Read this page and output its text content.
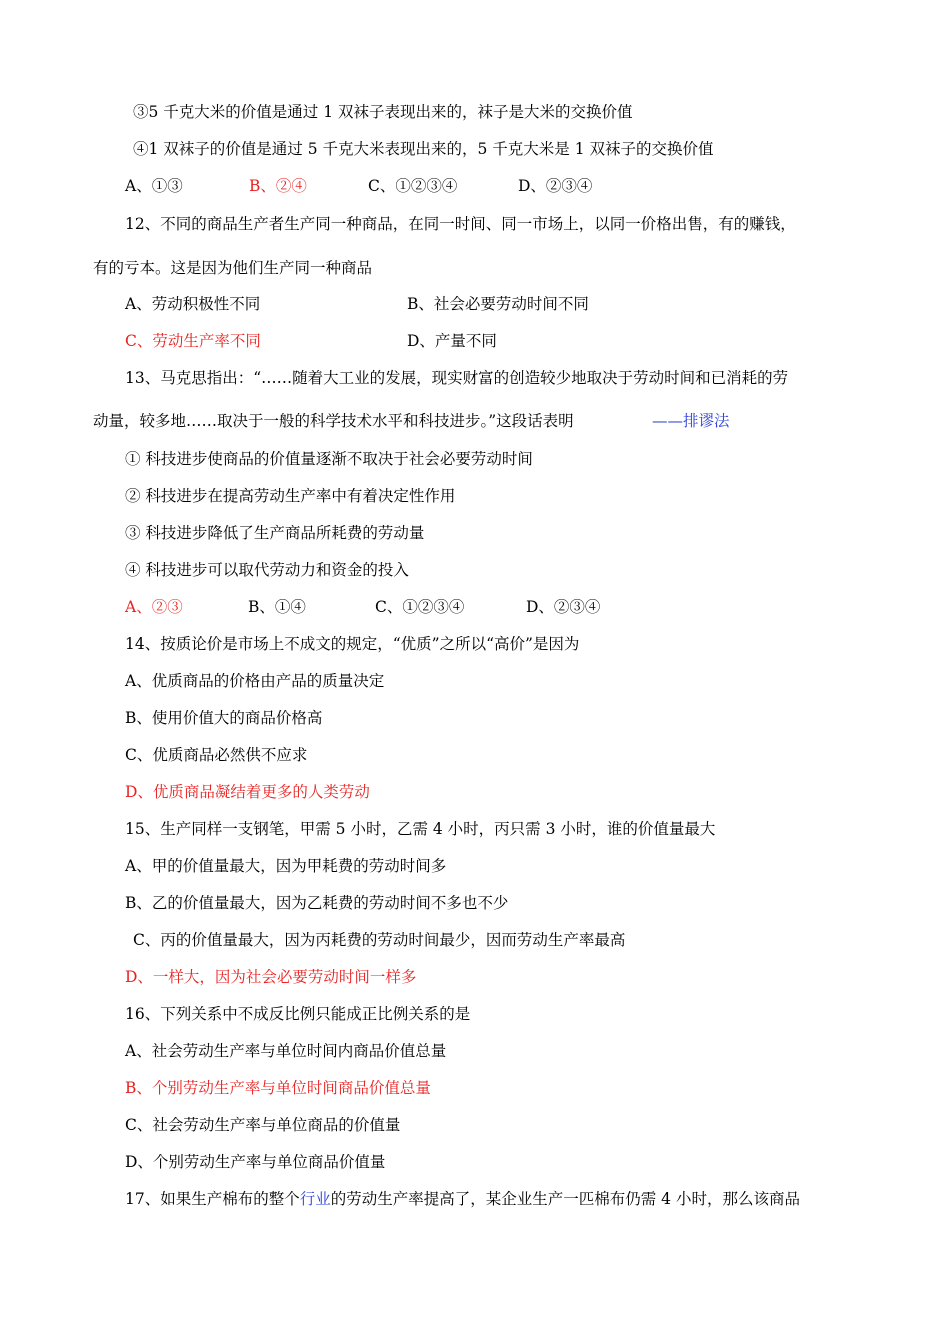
③5 千克大米的价值是通过 1 双袜子表现出来的，袜子是大米的交换价值
④1 双袜子的价值是通过 5 千克大米表现出来的，5 千克大米是 1 双袜子的交换价值
A、①③	B、②④	C、①②③④	D、②③④
12、不同的商品生产者生产同一种商品，在同一时间、同一市场上，以同一价格出售，有的赚钱，
有的亏本。这是因为他们生产同一种商品
A、劳动积极性不同	B、社会必要劳动时间不同
C、劳动生产率不同	D、产量不同
13、马克思指出：“……随着大工业的发展，现实财富的创造较少地取决于劳动时间和已消耗的劳
动量，较多地……取决于一般的科学技术水平和科技进步。”这段话表明	——排谬法
① 科技进步使商品的价值量逐渐不取决于社会必要劳动时间
② 科技进步在提高劳动生产率中有着决定性作用
③ 科技进步降低了生产商品所耗费的劳动量
④ 科技进步可以取代劳动力和资金的投入
A、②③	B、①④	C、①②③④	D、②③④
14、按质论价是市场上不成文的规定，“优质”之所以“高价”是因为
A、优质商品的价格由产品的质量决定
B、使用价值大的商品价格高
C、优质商品必然供不应求
D、优质商品凝结着更多的人类劳动
15、生产同样一支钢笔，甲需 5 小时，乙需 4 小时，丙只需 3 小时，谁的价值量最大
A、甲的价值量最大，因为甲耗费的劳动时间多
B、乙的价值量最大，因为乙耗费的劳动时间不多也不少
C、丙的价值量最大，因为丙耗费的劳动时间最少，因而劳动生产率最高
D、一样大，因为社会必要劳动时间一样多
16、下列关系中不成反比例只能成正比例关系的是
A、社会劳动生产率与单位时间内商品价值总量
B、个别劳动生产率与单位时间商品价值总量
C、社会劳动生产率与单位商品的价值量
D、个别劳动生产率与单位商品价值量
17、如果生产棉布的整个行业的劳动生产率提高了，某企业生产一匹棉布仍需 4 小时，那么该商品
